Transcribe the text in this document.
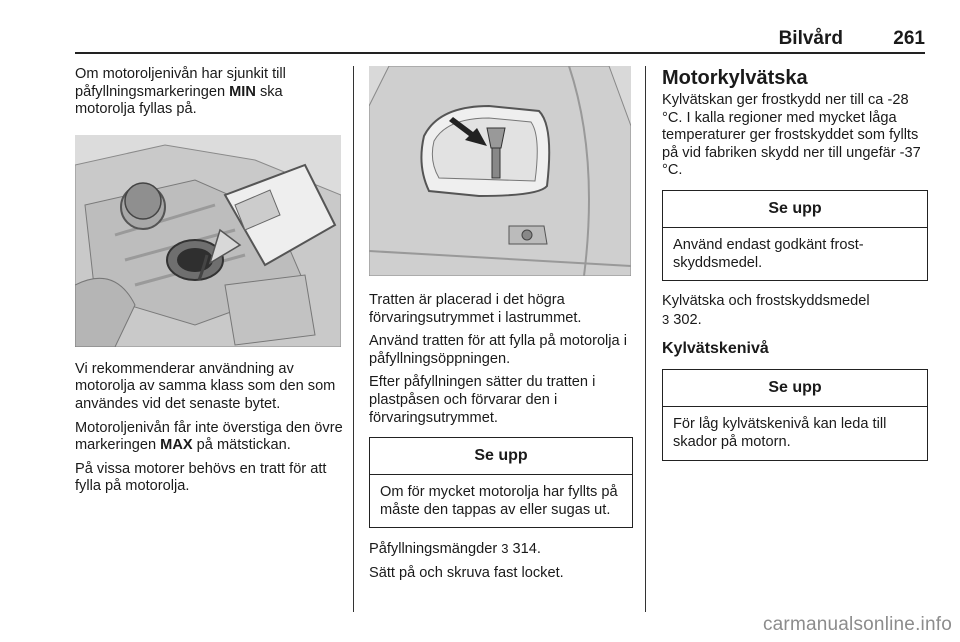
Bilvård	261

Om motoroljenivån har sjunkit till påfyllningsmarkeringen MIN ska motorolja fyllas på.

Vi rekommenderar användning av motorolja av samma klass som den som användes vid det senaste bytet.

Motoroljenivån får inte överstiga den övre markeringen MAX på mätstickan.

På vissa motorer behövs en tratt för att fylla på motorolja.

Tratten är placerad i det högra förvaringsutrymmet i lastrummet.

Använd tratten för att fylla på motorolja i påfyllningsöppningen.

Efter påfyllningen sätter du tratten i plastpåsen och förvarar den i förvaringsutrymmet.

Se upp
Om för mycket motorolja har fyllts på måste den tappas av eller sugas ut.

Påfyllningsmängder 3 314.

Sätt på och skruva fast locket.

Motorkylvätska

Kylvätskan ger frostkydd ner till ca -28 °C. I kalla regioner med mycket låga temperaturer ger frostskyddet som fyllts på vid fabriken skydd ner till ungefär -37 °C.

Se upp
Använd endast godkänt frostskyddsmedel.

Kylvätska och frostskyddsmedel
3 302.

Kylvätskenivå
Se upp
För låg kylvätskenivå kan leda till skador på motorn.
carmanualsonline.info
